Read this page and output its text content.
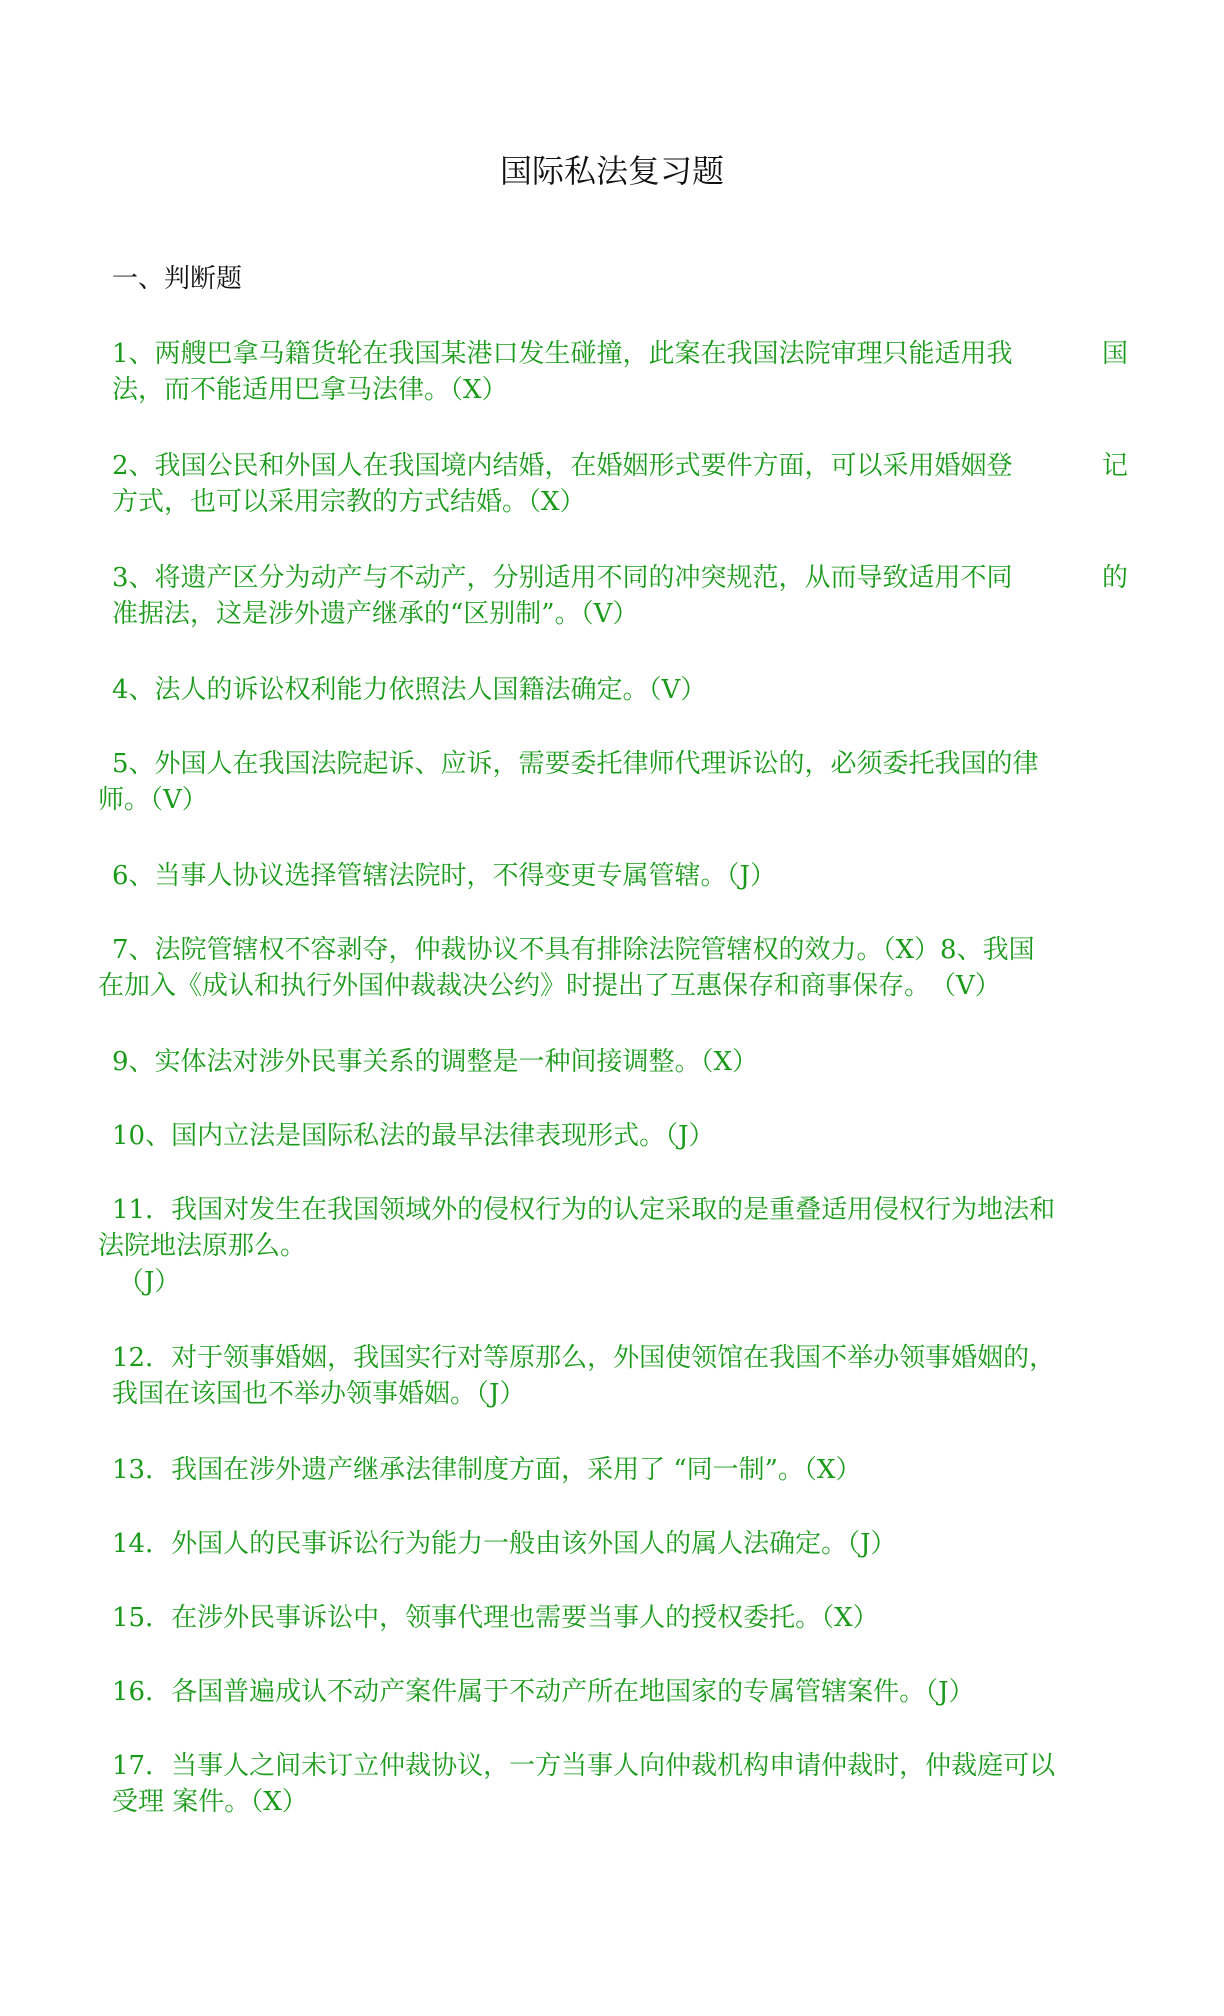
国际私法复习题
一、判断题
1、两艘巴拿马籍货轮在我国某港口发生碰撞，此案在我国法院审理只能适用我	国
法，而不能适用巴拿马法律。（X）
2、我国公民和外国人在我国境内结婚，在婚姻形式要件方面，可以采用婚姻登	记
方式，也可以采用宗教的方式结婚。（X）
3、将遗产区分为动产与不动产，分别适用不同的冲突规范，从而导致适用不同	的
准据法，这是涉外遗产继承的“区别制”。（V）
4、法人的诉讼权利能力依照法人国籍法确定。（V）
5、外国人在我国法院起诉、应诉，需要委托律师代理诉讼的，必须委托我国的律
师。（V）
6、当事人协议选择管辖法院时，不得变更专属管辖。（J）
7、法院管辖权不容剥夺，仲裁协议不具有排除法院管辖权的效力。（X）8、我国
在加入《成认和执行外国仲裁裁决公约》时提出了互惠保存和商事保存。　（V）
9、实体法对涉外民事关系的调整是一种间接调整。（X）
10、国内立法是国际私法的最早法律表现形式。（J）
11．我国对发生在我国领域外的侵权行为的认定采取的是重叠适用侵权行为地法和
法院地法原那么。
（J）
12．对于领事婚姻，我国实行对等原那么，外国使领馆在我国不举办领事婚姻的，
我国在该国也不举办领事婚姻。（J）
13．我国在涉外遗产继承法律制度方面，采用了 “同一制”。（X）
14．外国人的民事诉讼行为能力一般由该外国人的属人法确定。（J）
15．在涉外民事诉讼中，领事代理也需要当事人的授权委托。（X）
16．各国普遍成认不动产案件属于不动产所在地国家的专属管辖案件。（J）
17．当事人之间未订立仲裁协议，一方当事人向仲裁机构申请仲裁时，仲裁庭可以
受理 案件。（X）
